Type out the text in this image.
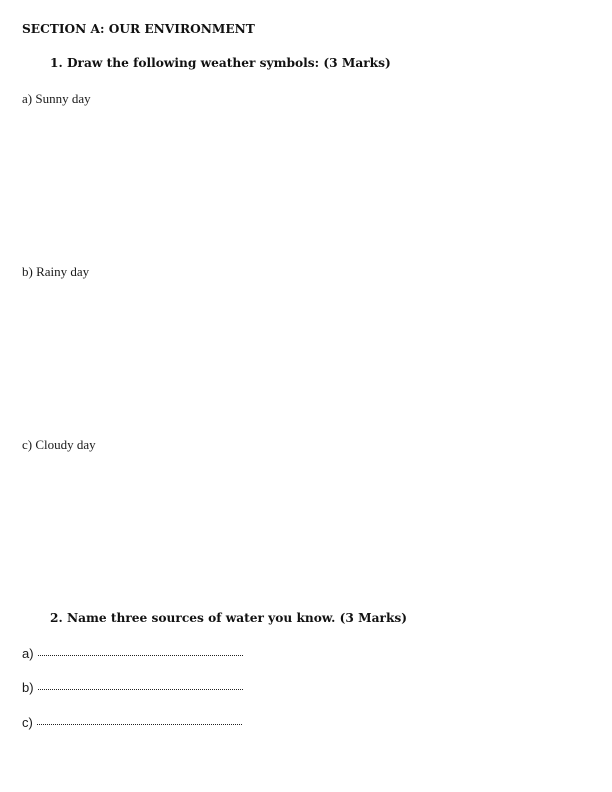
SECTION A: OUR ENVIRONMENT
1. Draw the following weather symbols: (3 Marks)
a) Sunny day
b) Rainy day
c) Cloudy day
2. Name three sources of water you know. (3 Marks)
a)
b)
c)
